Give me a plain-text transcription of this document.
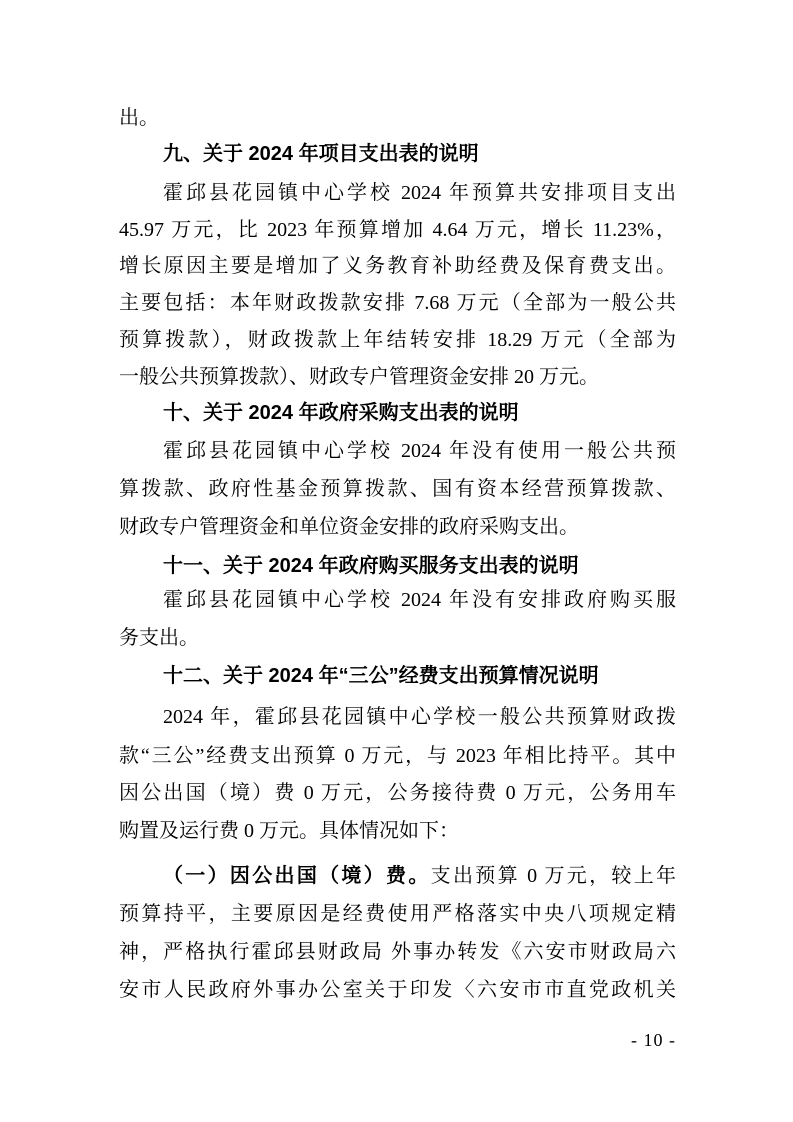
出。
九、关于 2024 年项目支出表的说明
霍邱县花园镇中心学校 2024 年预算共安排项目支出
45.97 万元，比 2023 年预算增加 4.64 万元，增长 11.23%，
增长原因主要是增加了义务教育补助经费及保育费支出。
主要包括：本年财政拨款安排 7.68 万元（全部为一般公共
预算拨款），财政拨款上年结转安排 18.29 万元（全部为
一般公共预算拨款）、财政专户管理资金安排 20 万元。
十、关于 2024 年政府采购支出表的说明
霍邱县花园镇中心学校 2024 年没有使用一般公共预
算拨款、政府性基金预算拨款、国有资本经营预算拨款、
财政专户管理资金和单位资金安排的政府采购支出。
十一、关于 2024 年政府购买服务支出表的说明
霍邱县花园镇中心学校 2024 年没有安排政府购买服
务支出。
十二、关于 2024 年“三公”经费支出预算情况说明
2024 年，霍邱县花园镇中心学校一般公共预算财政拨
款“三公”经费支出预算 0 万元，与 2023 年相比持平。其中
因公出国（境）费 0 万元，公务接待费 0 万元，公务用车
购置及运行费 0 万元。具体情况如下：
（一）因公出国（境）费。支出预算 0 万元，较上年
预算持平，主要原因是经费使用严格落实中央八项规定精
神，严格执行霍邱县财政局 外事办转发《六安市财政局六
安市人民政府外事办公室关于印发〈六安市市直党政机关
- 10 -
